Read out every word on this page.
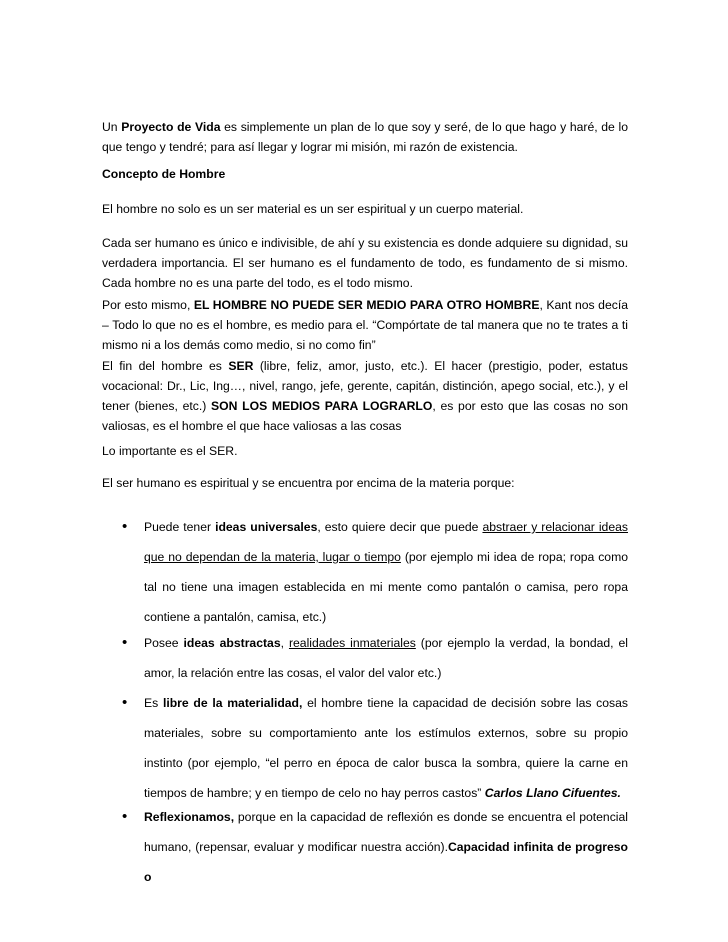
Un Proyecto de Vida es simplemente un plan de lo que soy y seré, de lo que hago y haré, de lo que tengo y tendré; para así llegar y lograr mi misión, mi razón de existencia.

Concepto de Hombre

El hombre no solo es un ser material es un ser espiritual y un cuerpo material.

Cada ser humano es único e indivisible, de ahí y su existencia es donde adquiere su dignidad, su verdadera importancia. El ser humano es el fundamento de todo, es fundamento de si mismo. Cada hombre no es una parte del todo, es el todo mismo.

Por esto mismo, EL HOMBRE NO PUEDE SER MEDIO PARA OTRO HOMBRE, Kant nos decía – Todo lo que no es el hombre, es medio para el. “Compórtate de tal manera que no te trates a ti mismo ni a los demás como medio, si no como fin”

El fin del hombre es SER (libre, feliz, amor, justo, etc.). El hacer (prestigio, poder, estatus vocacional: Dr., Lic, Ing…, nivel, rango, jefe, gerente, capitán, distinción, apego social, etc.), y el tener (bienes, etc.) SON LOS MEDIOS PARA LOGRARLO, es por esto que las cosas no son valiosas, es el hombre el que hace valiosas a las cosas

Lo importante es el SER.

El ser humano es espiritual y se encuentra por encima de la materia porque:

• Puede tener ideas universales, esto quiere decir que puede abstraer y relacionar ideas que no dependan de la materia, lugar o tiempo (por ejemplo mi idea de ropa; ropa como tal no tiene una imagen establecida en mi mente como pantalón o camisa, pero ropa contiene a pantalón, camisa, etc.)

• Posee ideas abstractas, realidades inmateriales (por ejemplo la verdad, la bondad, el amor, la relación entre las cosas, el valor del valor etc.)

• Es libre de la materialidad, el hombre tiene la capacidad de decisión sobre las cosas materiales, sobre su comportamiento ante los estímulos externos, sobre su propio instinto (por ejemplo, “el perro en época de calor busca la sombra, quiere la carne en tiempos de hambre; y en tiempo de celo no hay perros castos” Carlos Llano Cifuentes.

• Reflexionamos, porque en la capacidad de reflexión es donde se encuentra el potencial humano, (repensar, evaluar y modificar nuestra acción).Capacidad infinita de progreso o
